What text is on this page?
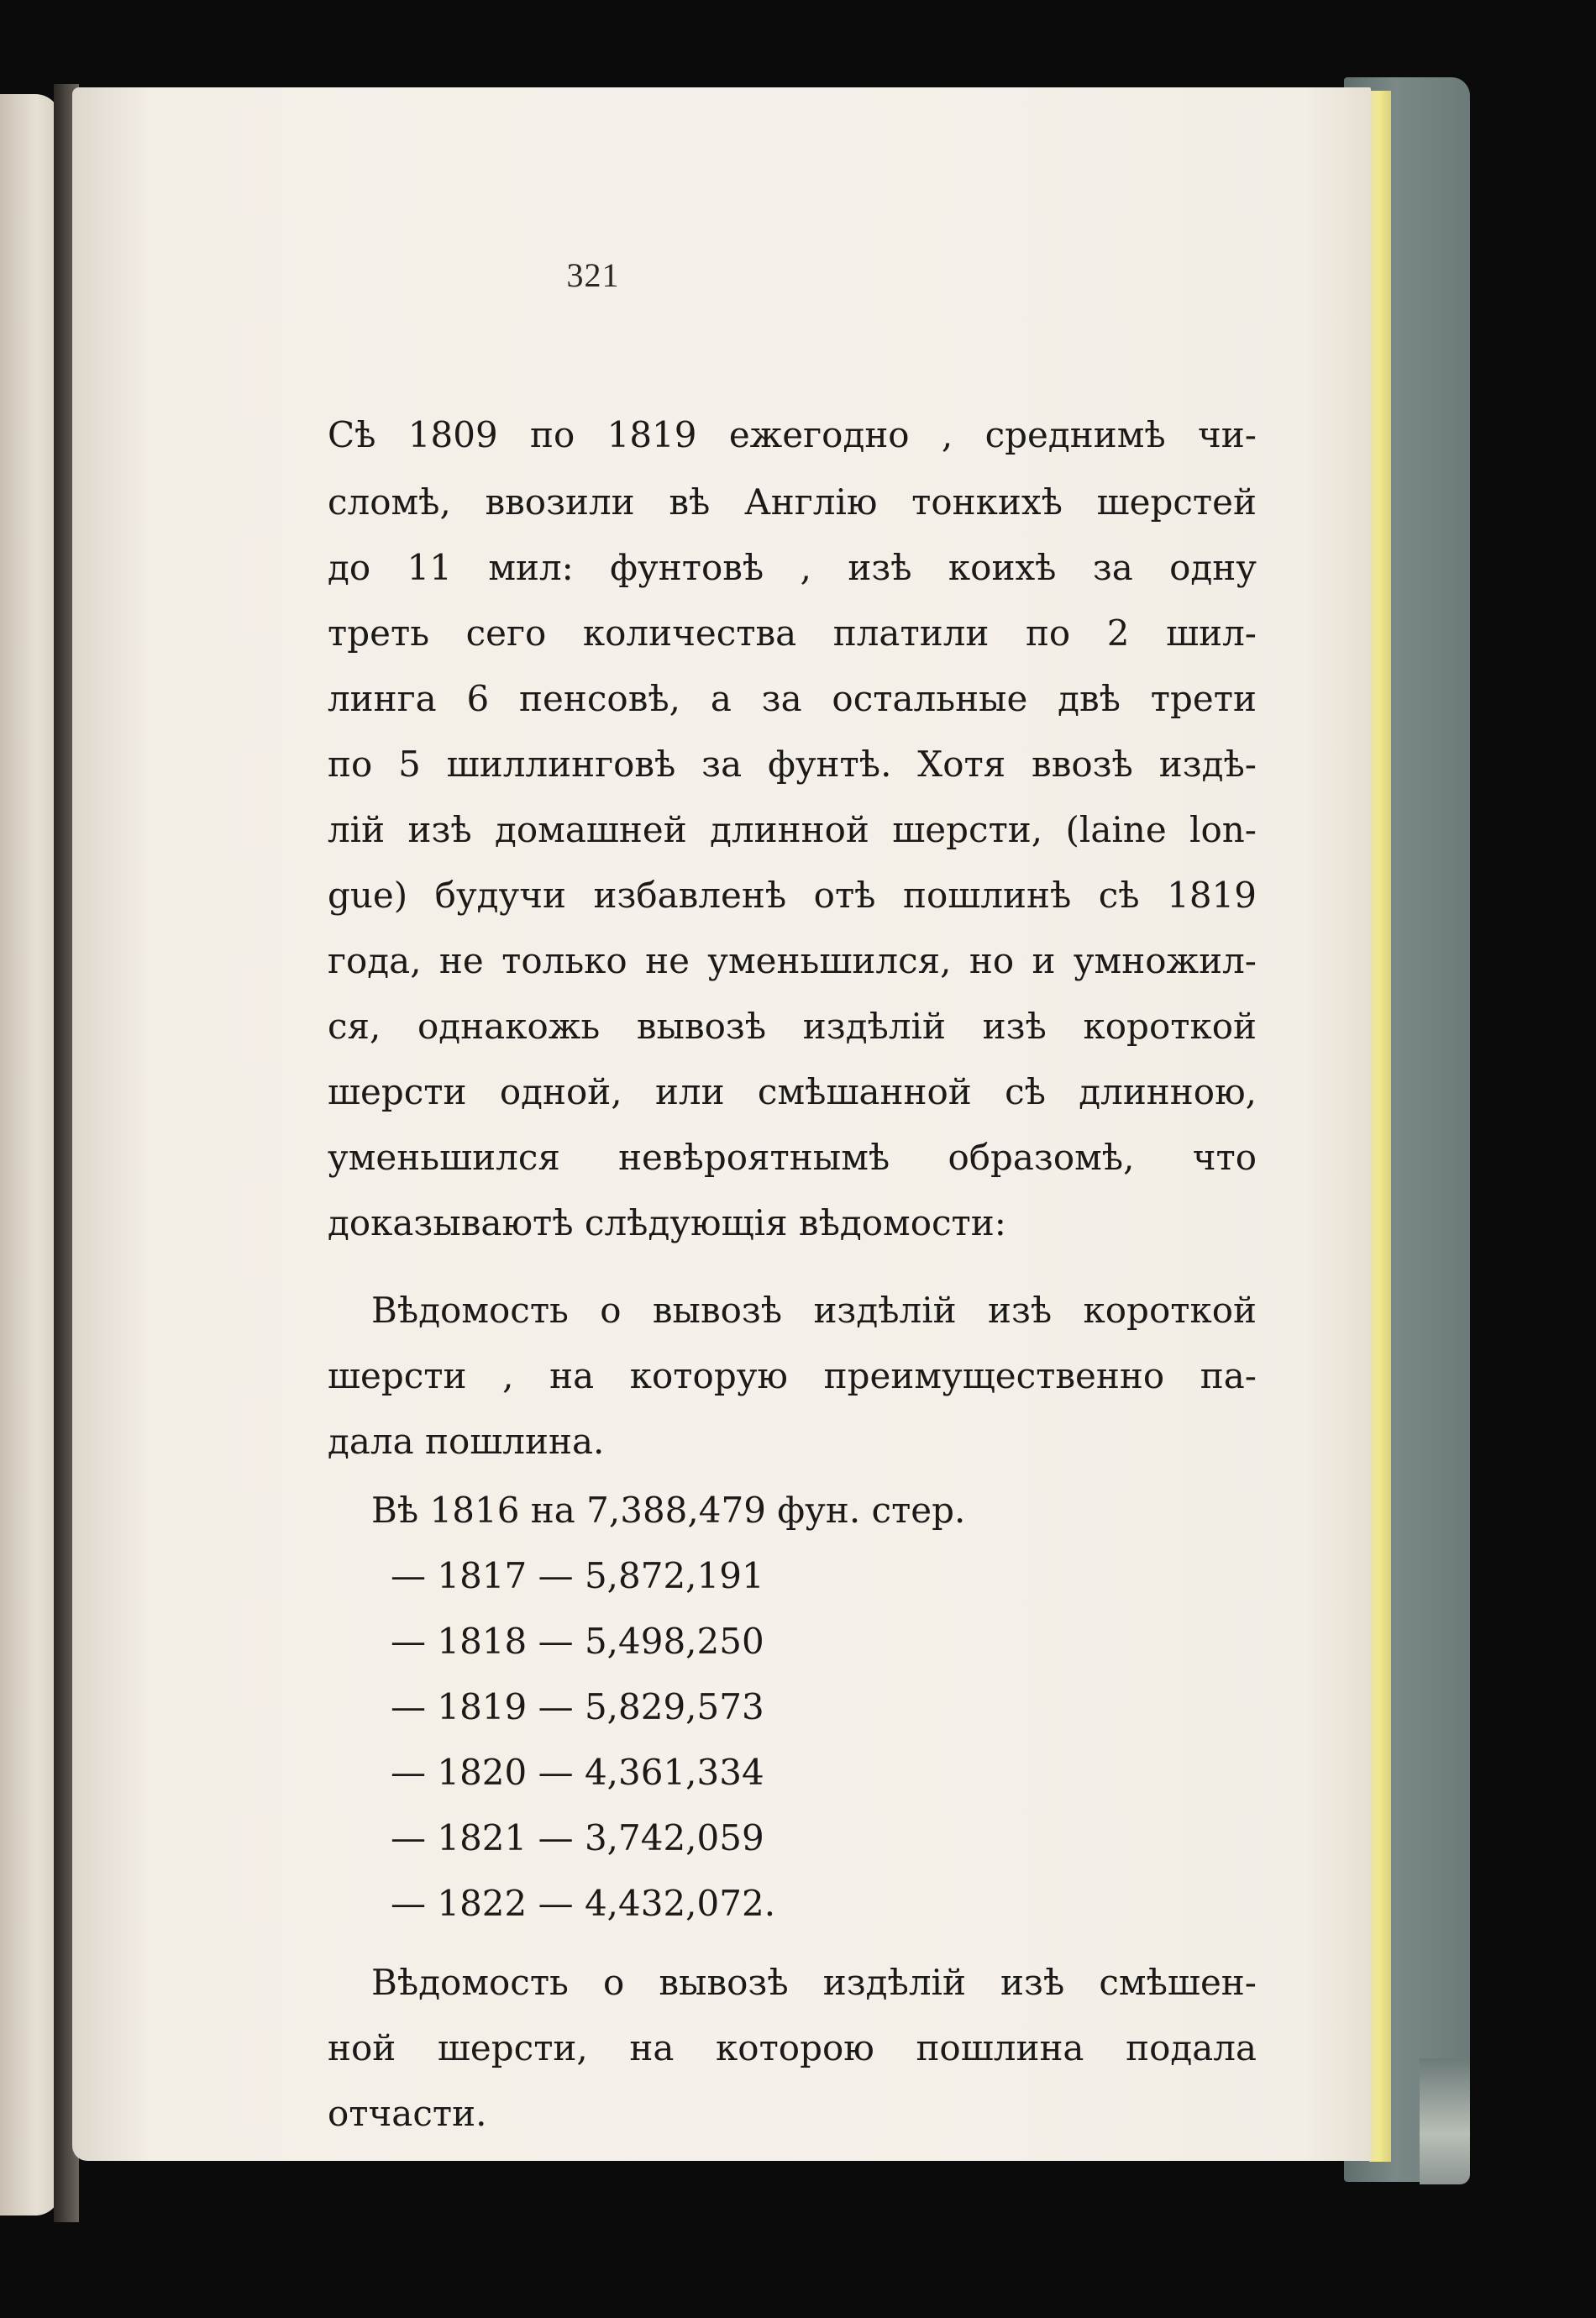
321
Сѣ 1809 по 1819 ежегодно , среднимѣ чи-
сломѣ, ввозили вѣ Англію тонкихѣ шерстей
до 11 мил: фунтовѣ , изѣ коихѣ за одну
треть сего количества платили по 2 шил-
линга 6 пенсовѣ, а за остальные двѣ трети
по 5 шиллинговѣ за фунтѣ. Хотя ввозѣ издѣ-
лій изѣ домашней длинной шерсти, (laine lon-
gue) будучи избавленѣ отѣ пошлинѣ сѣ 1819
года, не только не уменьшился, но и умножил-
ся, однакожь вывозѣ издѣлій изѣ короткой
шерсти одной, или смѣшанной сѣ длинною,
уменьшился невѣроятнымѣ образомѣ, что
доказываютѣ слѣдующія вѣдомости:
Вѣдомость о вывозѣ издѣлій изѣ короткой
шерсти , на которую преимущественно па-
дала пошлина.
Вѣ 1816 на 7,388,479 фун. стер.
— 1817 — 5,872,191
— 1818 — 5,498,250
— 1819 — 5,829,573
— 1820 — 4,361,334
— 1821 — 3,742,059
— 1822 — 4,432,072.
Вѣдомость о вывозѣ издѣлій изѣ смѣшен-
ной шерсти, на которою пошлина подала
отчасти.
